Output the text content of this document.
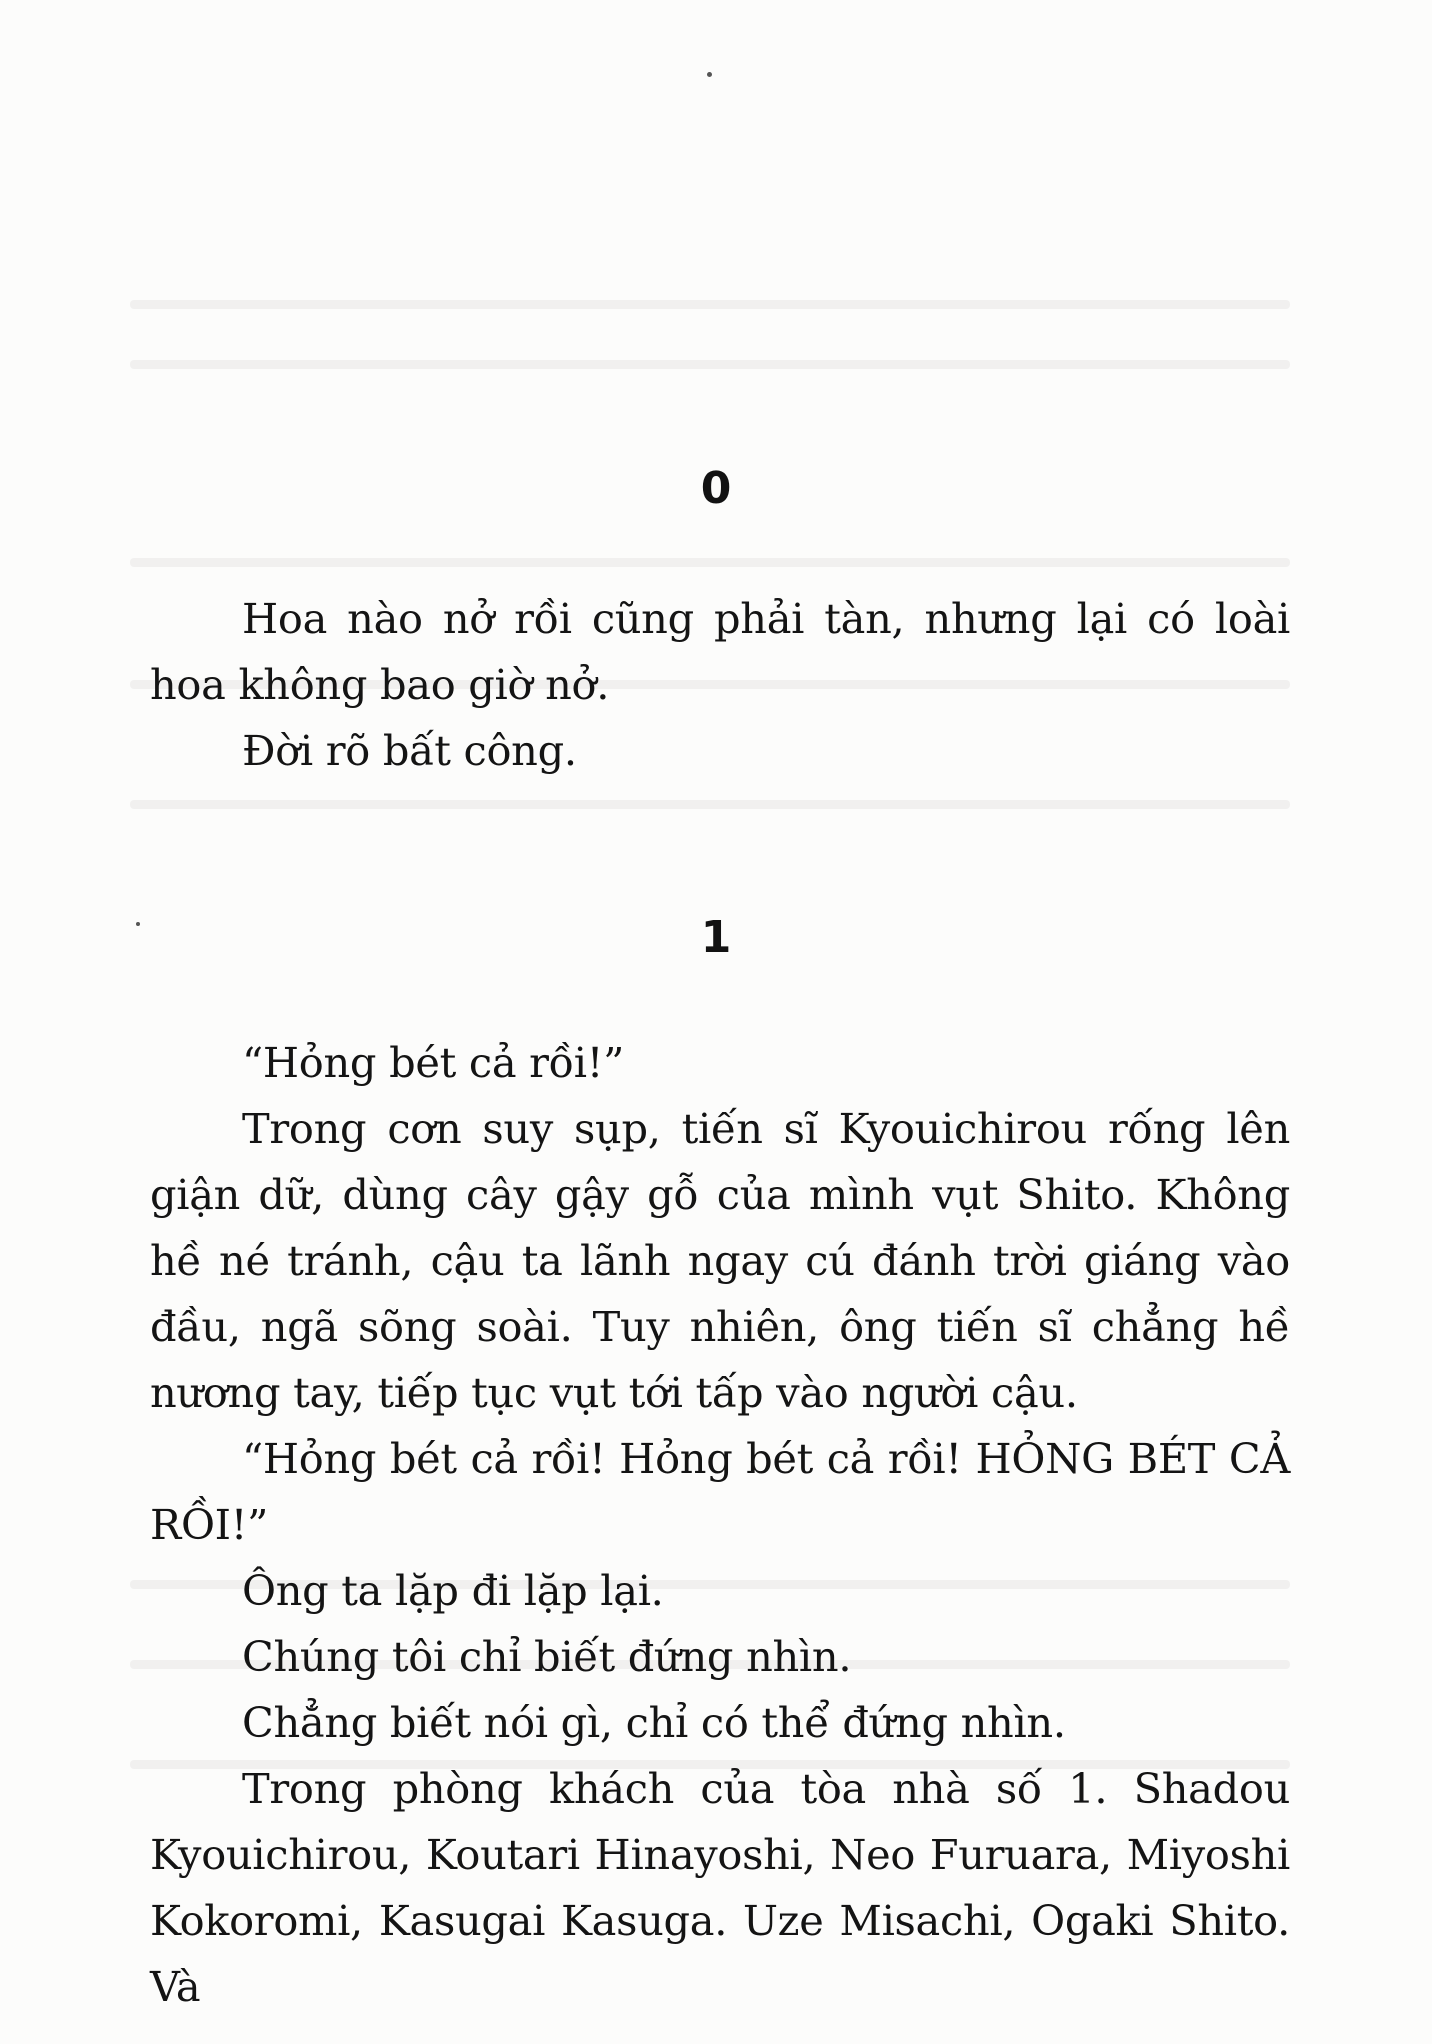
0

Hoa nào nở rồi cũng phải tàn, nhưng lại có loài hoa không bao giờ nở.

Đời rõ bất công.

1

“Hỏng bét cả rồi!”

Trong cơn suy sụp, tiến sĩ Kyouichirou rống lên giận dữ, dùng cây gậy gỗ của mình vụt Shito. Không hề né tránh, cậu ta lãnh ngay cú đánh trời giáng vào đầu, ngã sõng soài. Tuy nhiên, ông tiến sĩ chẳng hề nương tay, tiếp tục vụt tới tấp vào người cậu.

“Hỏng bét cả rồi! Hỏng bét cả rồi! HỎNG BÉT CẢ RỒI!”

Ông ta lặp đi lặp lại.

Chúng tôi chỉ biết đứng nhìn.

Chẳng biết nói gì, chỉ có thể đứng nhìn.

Trong phòng khách của tòa nhà số 1. Shadou Kyouichirou, Koutari Hinayoshi, Neo Furuara, Miyoshi Kokoromi, Kasugai Kasuga. Uze Misachi, Ogaki Shito. Và
